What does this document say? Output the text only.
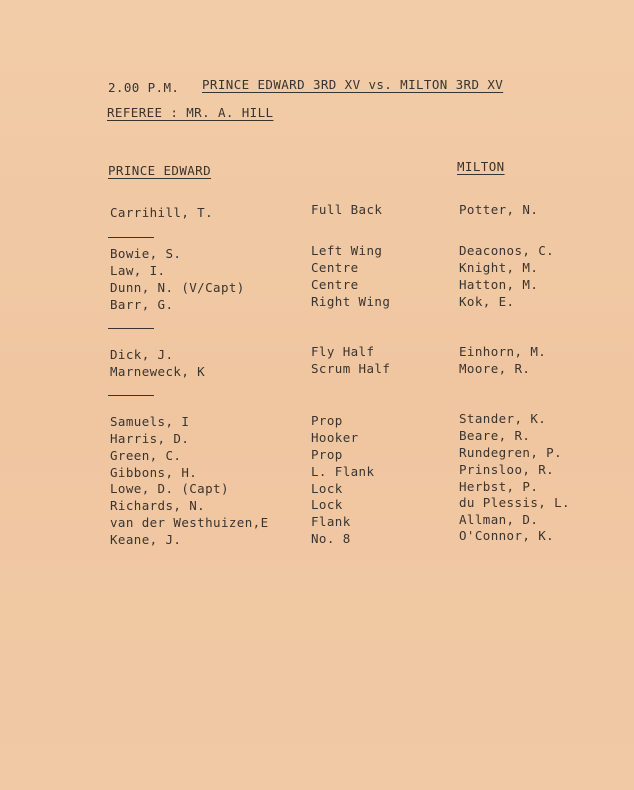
2.00 P.M. PRINCE EDWARD 3RD XV vs. MILTON 3RD XV
REFEREE : MR. A. HILL
PRINCE EDWARD	MILTON
Carrihill, T.	Full Back	Potter, N.
Bowie, S.	Left Wing	Deaconos, C.
Law, I.	Centre	Knight, M.
Dunn, N. (V/Capt)	Centre	Hatton, M.
Barr, G.	Right Wing	Kok, E.
Dick, J.	Fly Half	Einhorn, M.
Marneweck, K	Scrum Half	Moore, R.
Samuels, I	Prop	Stander, K.
Harris, D.	Hooker	Beare, R.
Green, C.	Prop	Rundegren, P.
Gibbons, H.	L. Flank	Prinsloo, R.
Lowe, D. (Capt)	Lock	Herbst, P.
Richards, N.	Lock	du Plessis, L.
van der Westhuizen,E	Flank	Allman, D.
Keane, J.	No. 8	O'Connor, K.
